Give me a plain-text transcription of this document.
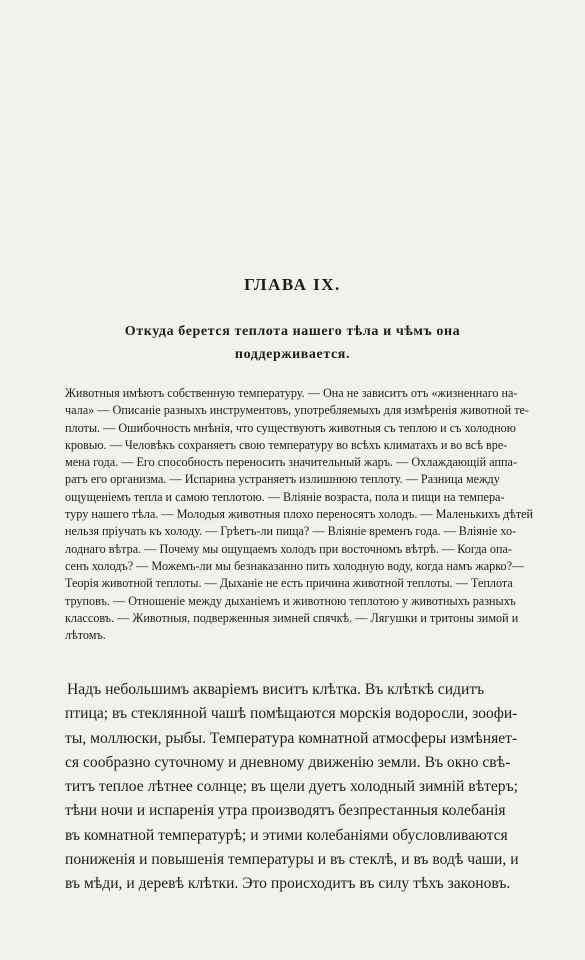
ГЛАВА IX.
Откуда берется теплота нашего тѣла и чѣмъ она
поддерживается.
Животныя имѣютъ собственную температуру. — Она не зависитъ отъ «жизненнаго на-
чала» — Описаніе разныхъ инструментовъ, употребляемыхъ для измѣренія животной те-
плоты. — Ошибочность мнѣнія, что существуютъ животныя съ теплою и съ холодною
кровью. — Человѣкъ сохраняетъ свою температуру во всѣхъ климатахъ и во всѣ вре-
мена года. — Его способность переносить значительный жаръ. — Охлаждающій аппа-
ратъ его организма. — Испарина устраняетъ излишнюю теплоту. — Разница между
ощущеніемъ тепла и самою теплотою. — Вліяніе возраста, пола и пищи на темпера-
туру нашего тѣла. — Молодыя животныя плохо переносятъ холодъ. — Маленькихъ дѣтей
нельзя пріучать къ холоду. — Грѣетъ-ли пища? — Вліяніе временъ года. — Вліяніе хо-
лоднаго вѣтра. — Почему мы ощущаемъ холодъ при восточномъ вѣтрѣ. — Когда опа-
сенъ холодъ? — Можемъ-ли мы безнаказанно пить холодную воду, когда намъ жарко?—
Теорія животной теплоты. — Дыханіе не есть причина животной теплоты. — Теплота
труповъ. — Отношеніе между дыханіемъ и животною теплотою у животныхъ разныхъ
классовъ. — Животныя, подверженныя зимней спячкѣ. — Лягушки и тритоны зимой и
лѣтомъ.
Надъ небольшимъ акваріемъ виситъ клѣтка. Въ клѣткѣ сидитъ
птица; въ стеклянной чашѣ помѣщаются морскія водоросли, зоофи-
ты, моллюски, рыбы. Температура комнатной атмосферы измѣняет-
ся сообразно суточному и дневному движенію земли. Въ окно свѣ-
титъ теплое лѣтнее солнце; въ щели дуетъ холодный зимній вѣтеръ;
тѣни ночи и испаренія утра производятъ безпрестанныя колебанія
въ комнатной температурѣ; и этими колебаніями обусловливаются
пониженія и повышенія температуры и въ стеклѣ, и въ водѣ чаши, и
въ мѣди, и деревѣ клѣтки. Это происходитъ въ силу тѣхъ законовъ.
